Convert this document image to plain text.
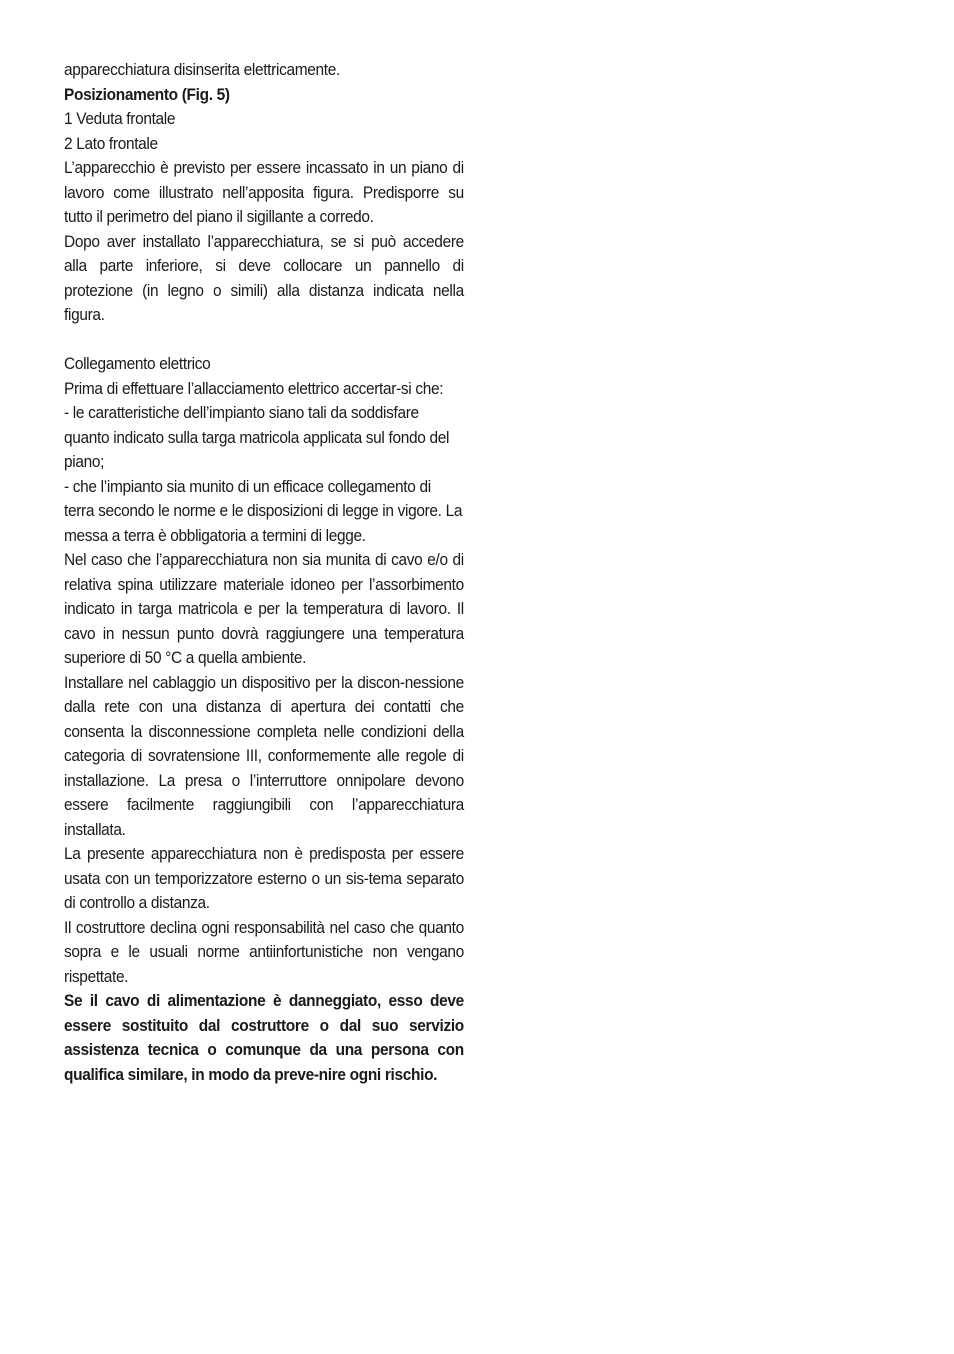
apparecchiatura disinserita elettricamente.

Posizionamento (Fig. 5)

1 Veduta frontale

2 Lato frontale

L’apparecchio è previsto per essere incassato in un piano di lavoro come illustrato nell’apposita figura. Predisporre su tutto il perimetro del piano il sigillante a corredo.

Dopo aver installato l’apparecchiatura, se si può accedere alla parte inferiore, si deve collocare un pannello di protezione (in legno o simili) alla distanza indicata nella figura.

Collegamento elettrico

Prima di effettuare l’allacciamento elettrico accertar-si che:

- le caratteristiche dell’impianto siano tali da soddisfare quanto indicato sulla targa matricola applicata sul fondo del piano;

- che l’impianto sia munito di un efficace collegamento di terra secondo le norme e le disposizioni di legge in vigore. La messa a terra è obbligatoria a termini di legge.

Nel caso che l’apparecchiatura non sia munita di cavo e/o di relativa spina utilizzare materiale idoneo per l’assorbimento indicato in targa matricola e per la temperatura di lavoro. Il cavo in nessun punto dovrà raggiungere una temperatura superiore di 50 °C a quella ambiente.

Installare nel cablaggio un dispositivo per la discon-nessione dalla rete con una distanza di apertura dei contatti che consenta la disconnessione completa nelle condizioni della categoria di sovratensione III, conformemente alle regole di installazione. La presa o l’interruttore onnipolare devono essere facilmente raggiungibili con l’apparecchiatura installata.

La presente apparecchiatura non è predisposta per essere usata con un temporizzatore esterno o un sis-tema separato di controllo a distanza.

Il costruttore declina ogni responsabilità nel caso che quanto sopra e le usuali norme antiinfortunistiche non vengano rispettate.

Se il cavo di alimentazione è danneggiato, esso deve essere sostituito dal costruttore o dal suo servizio assistenza tecnica o comunque da una persona con qualifica similare, in modo da preve-nire ogni rischio.
